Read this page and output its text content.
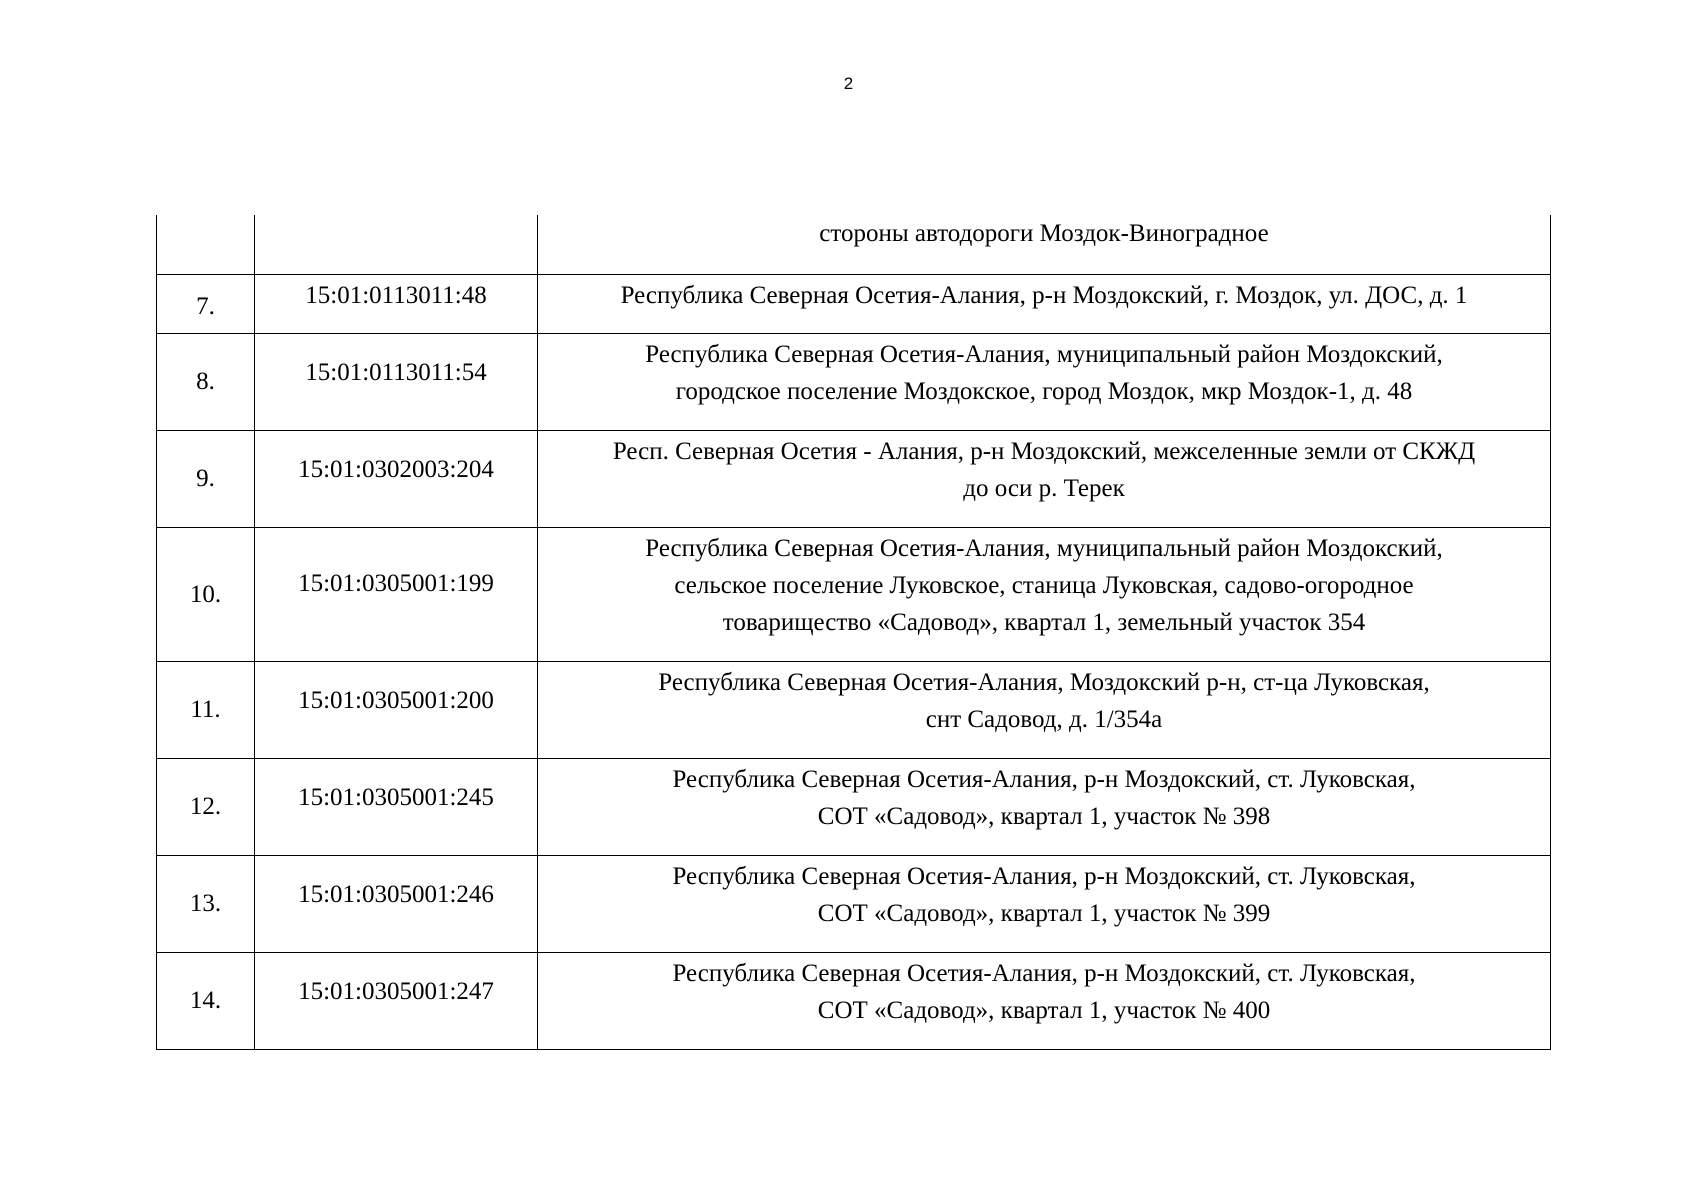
2

		стороны автодороги Моздок-Виноградное

7.	15:01:0113011:48	Республика Северная Осетия-Алания, р-н Моздокский, г. Моздок, ул. ДОС, д. 1

8.	15:01:0113011:54	Республика Северная Осетия-Алания, муниципальный район Моздокский,
городское поселение Моздокское, город Моздок, мкр Моздок-1, д. 48

9.	15:01:0302003:204	Респ. Северная Осетия - Алания, р-н Моздокский, межселенные земли от СКЖД
до оси р. Терек

10.	15:01:0305001:199	Республика Северная Осетия-Алания, муниципальный район Моздокский,
сельское поселение Луковское, станица Луковская, садово-огородное
товарищество «Садовод», квартал 1, земельный участок 354

11.	15:01:0305001:200	Республика Северная Осетия-Алания, Моздокский р-н, ст-ца Луковская,
снт Садовод, д. 1/354а

12.	15:01:0305001:245	Республика Северная Осетия-Алания, р-н Моздокский, ст. Луковская,
СОТ «Садовод», квартал 1, участок № 398

13.	15:01:0305001:246	Республика Северная Осетия-Алания, р-н Моздокский, ст. Луковская,
СОТ «Садовод», квартал 1, участок № 399

14.	15:01:0305001:247	Республика Северная Осетия-Алания, р-н Моздокский, ст. Луковская,
СОТ «Садовод», квартал 1, участок № 400
